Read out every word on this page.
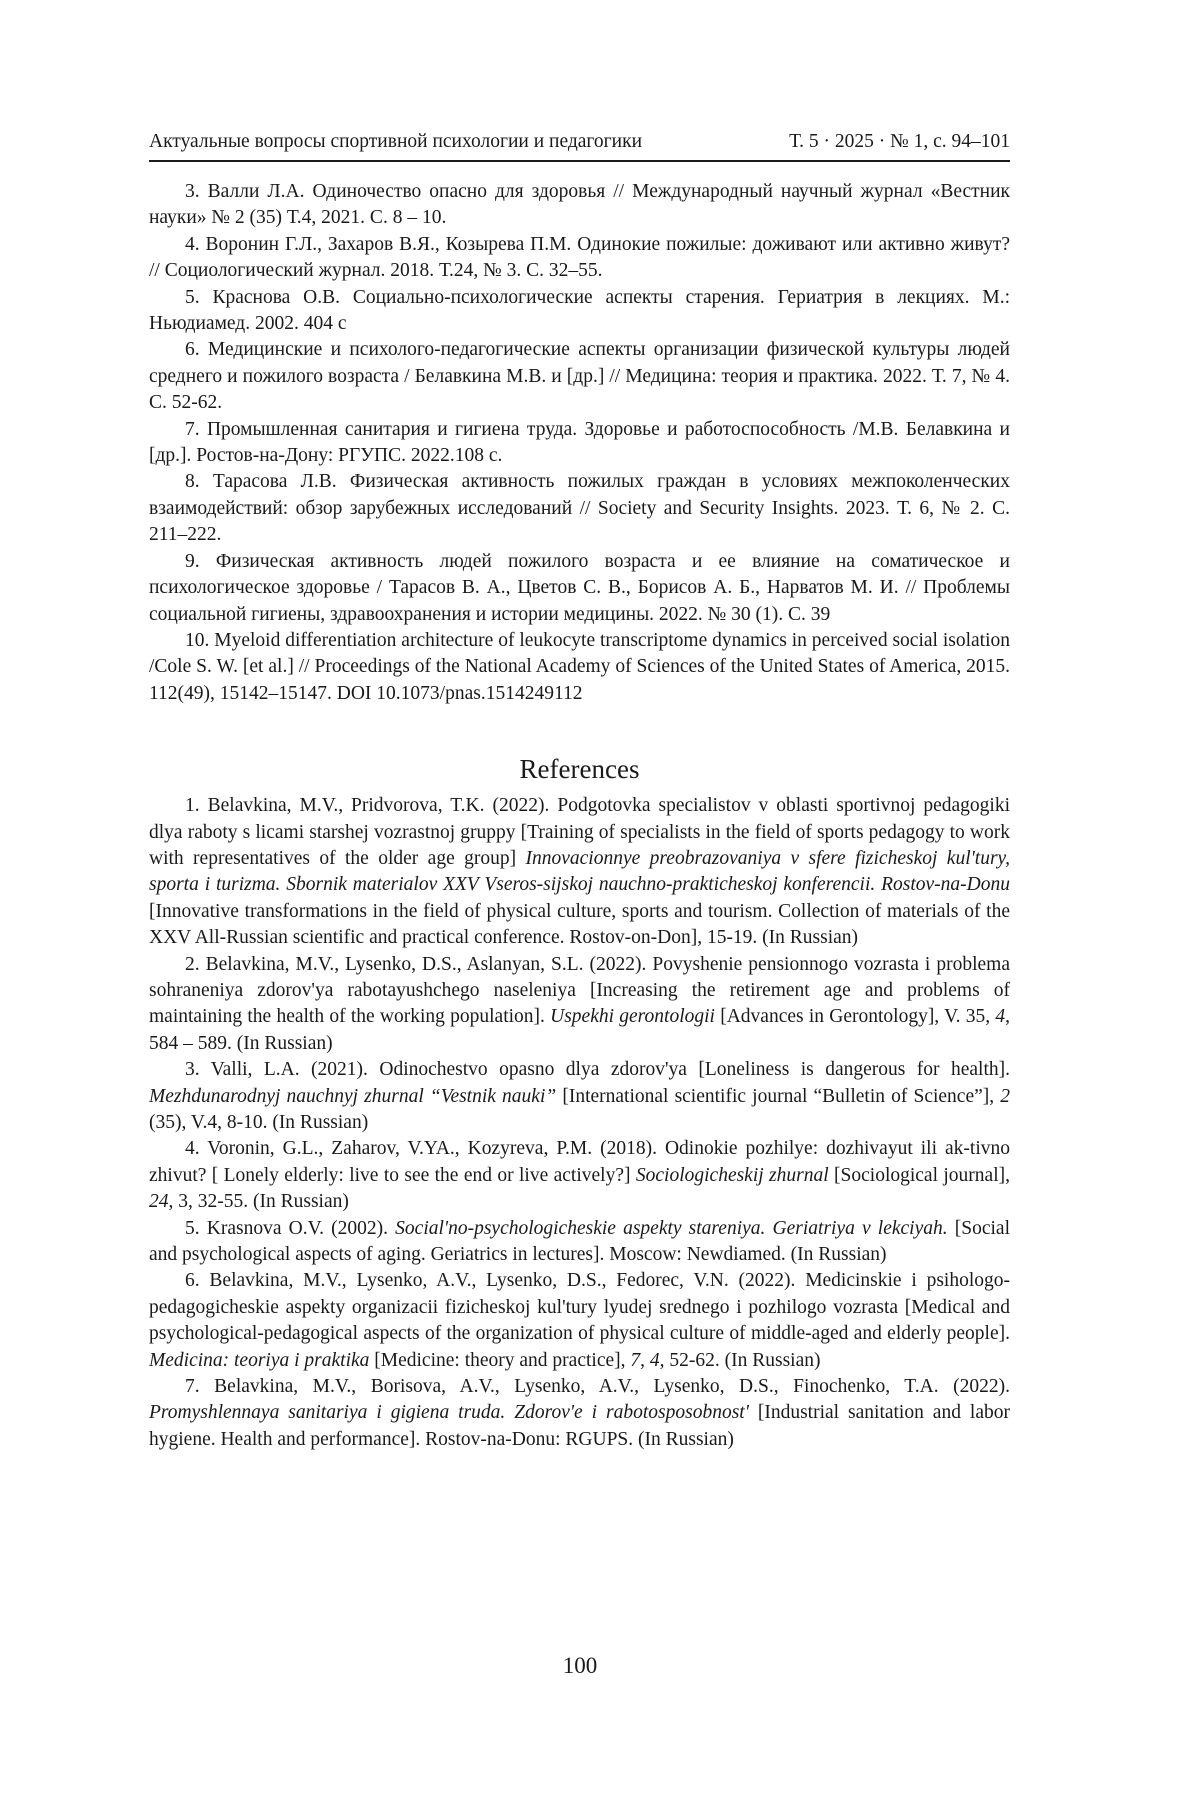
Актуальные вопросы спортивной психологии и педагогики	Т. 5 · 2025 · № 1, с. 94–101

3. Валли Л.А. Одиночество опасно для здоровья // Международный научный журнал «Вестник науки» № 2 (35) Т.4, 2021. С. 8 – 10.

4. Воронин Г.Л., Захаров В.Я., Козырева П.М. Одинокие пожилые: доживают или активно живут? // Социологический журнал. 2018. Т.24, № 3. С. 32–55.

5. Краснова О.В. Социально-психологические аспекты старения. Гериатрия в лекциях. М.: Ньюдиамед. 2002. 404 с

6. Медицинские и психолого-педагогические аспекты организации физической культуры людей среднего и пожилого возраста / Белавкина М.В. и [др.] // Медицина: теория и практика. 2022. Т. 7, № 4. С. 52-62.

7. Промышленная санитария и гигиена труда. Здоровье и работоспособность /М.В. Белавкина и [др.]. Ростов-на-Дону: РГУПС. 2022.108 с.

8. Тарасова Л.В. Физическая активность пожилых граждан в условиях межпоколенческих взаимодействий: обзор зарубежных исследований // Society and Security Insights. 2023. Т. 6, № 2. С. 211–222.

9. Физическая активность людей пожилого возраста и ее влияние на соматическое и психологическое здоровье / Тарасов В. А., Цветов С. В., Борисов А. Б., Нарватов М. И. // Проблемы социальной гигиены, здравоохранения и истории медицины. 2022. № 30 (1). С. 39

10. Myeloid differentiation architecture of leukocyte transcriptome dynamics in perceived social isolation /Cole S. W. [et al.] // Proceedings of the National Academy of Sciences of the United States of America, 2015. 112(49), 15142–15147. DOI 10.1073/pnas.1514249112

References

1. Belavkina, M.V., Pridvorova, T.K. (2022). Podgotovka specialistov v oblasti sportivnoj pedagogiki dlya raboty s licami starshej vozrastnoj gruppy [Training of specialists in the field of sports pedagogy to work with representatives of the older age group] Innovacionnye preobrazovaniya v sfere fizicheskoj kul'tury, sporta i turizma. Sbornik materialov XXV Vseros-sijskoj nauchno-prakticheskoj konferencii. Rostov-na-Donu [Innovative transformations in the field of physical culture, sports and tourism. Collection of materials of the XXV All-Russian scientific and practical conference. Rostov-on-Don], 15-19. (In Russian)

2. Belavkina, M.V., Lysenko, D.S., Aslanyan, S.L. (2022). Povyshenie pensionnogo vozrasta i problema sohraneniya zdorov'ya rabotayushchego naseleniya [Increasing the retirement age and problems of maintaining the health of the working population]. Uspekhi gerontologii [Advances in Gerontology], V. 35, 4, 584 – 589. (In Russian)

3. Valli, L.A. (2021). Odinochestvo opasno dlya zdorov'ya [Loneliness is dangerous for health]. Mezhdunarodnyj nauchnyj zhurnal “Vestnik nauki” [International scientific journal “Bulletin of Science”], 2 (35), V.4, 8-10. (In Russian)

4. Voronin, G.L., Zaharov, V.YA., Kozyreva, P.M. (2018). Odinokie pozhilye: dozhivayut ili ak-tivno zhivut? [ Lonely elderly: live to see the end or live actively?] Sociologicheskij zhurnal [Sociological journal], 24, 3, 32-55. (In Russian)

5. Krasnova O.V. (2002). Social'no-psychologicheskie aspekty stareniya. Geriatriya v lekciyah. [Social and psychological aspects of aging. Geriatrics in lectures]. Moscow: Newdiamed. (In Russian)

6. Belavkina, M.V., Lysenko, A.V., Lysenko, D.S., Fedorec, V.N. (2022). Medicinskie i psihologo-pedagogicheskie aspekty organizacii fizicheskoj kul'tury lyudej srednego i pozhilogo vozrasta [Medical and psychological-pedagogical aspects of the organization of physical culture of middle-aged and elderly people]. Medicina: teoriya i praktika [Medicine: theory and practice], 7, 4, 52-62. (In Russian)

7. Belavkina, M.V., Borisova, A.V., Lysenko, A.V., Lysenko, D.S., Finochenko, T.A. (2022). Promyshlennaya sanitariya i gigiena truda. Zdorov'e i rabotosposobnost' [Industrial sanitation and labor hygiene. Health and performance]. Rostov-na-Donu: RGUPS. (In Russian)

100
